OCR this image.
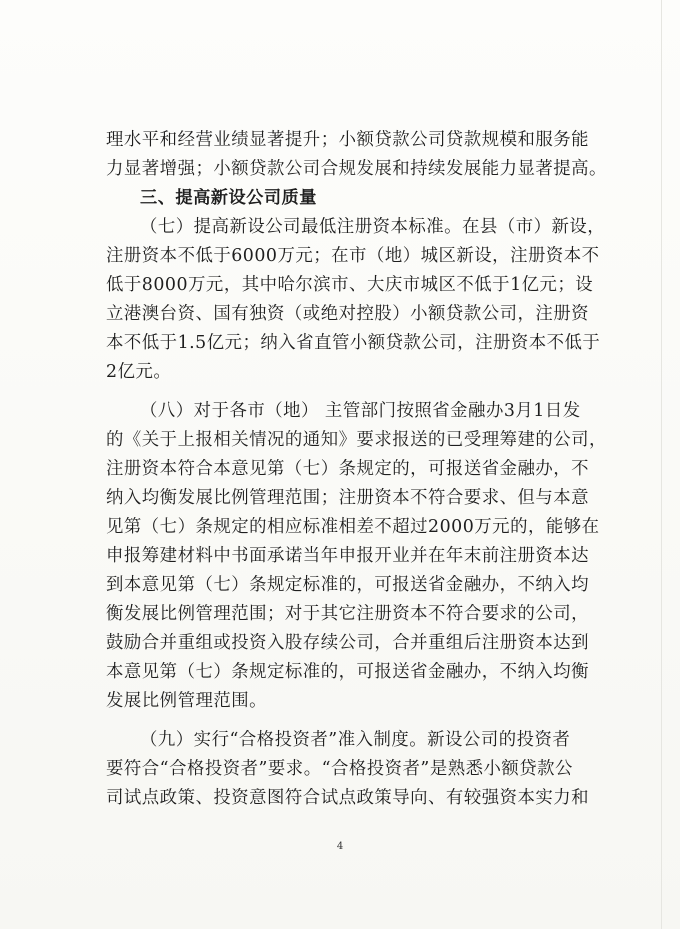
理水平和经营业绩显著提升；小额贷款公司贷款规模和服务能
力显著增强；小额贷款公司合规发展和持续发展能力显著提高。
三、提高新设公司质量
（七）提高新设公司最低注册资本标准。在县（市）新设，
注册资本不低于6000万元；在市（地）城区新设，注册资本不
低于8000万元，其中哈尔滨市、大庆市城区不低于1亿元；设
立港澳台资、国有独资（或绝对控股）小额贷款公司，注册资
本不低于1.5亿元；纳入省直管小额贷款公司，注册资本不低于
2亿元。
（八）对于各市（地） 主管部门按照省金融办3月1日发
的《关于上报相关情况的通知》要求报送的已受理筹建的公司，
注册资本符合本意见第（七）条规定的，可报送省金融办，不
纳入均衡发展比例管理范围；注册资本不符合要求、但与本意
见第（七）条规定的相应标准相差不超过2000万元的，能够在
申报筹建材料中书面承诺当年申报开业并在年末前注册资本达
到本意见第（七）条规定标准的，可报送省金融办，不纳入均
衡发展比例管理范围；对于其它注册资本不符合要求的公司，
鼓励合并重组或投资入股存续公司，合并重组后注册资本达到
本意见第（七）条规定标准的，可报送省金融办，不纳入均衡
发展比例管理范围。
（九）实行“合格投资者”准入制度。新设公司的投资者
要符合“合格投资者”要求。“合格投资者”是熟悉小额贷款公
司试点政策、投资意图符合试点政策导向、有较强资本实力和
4
